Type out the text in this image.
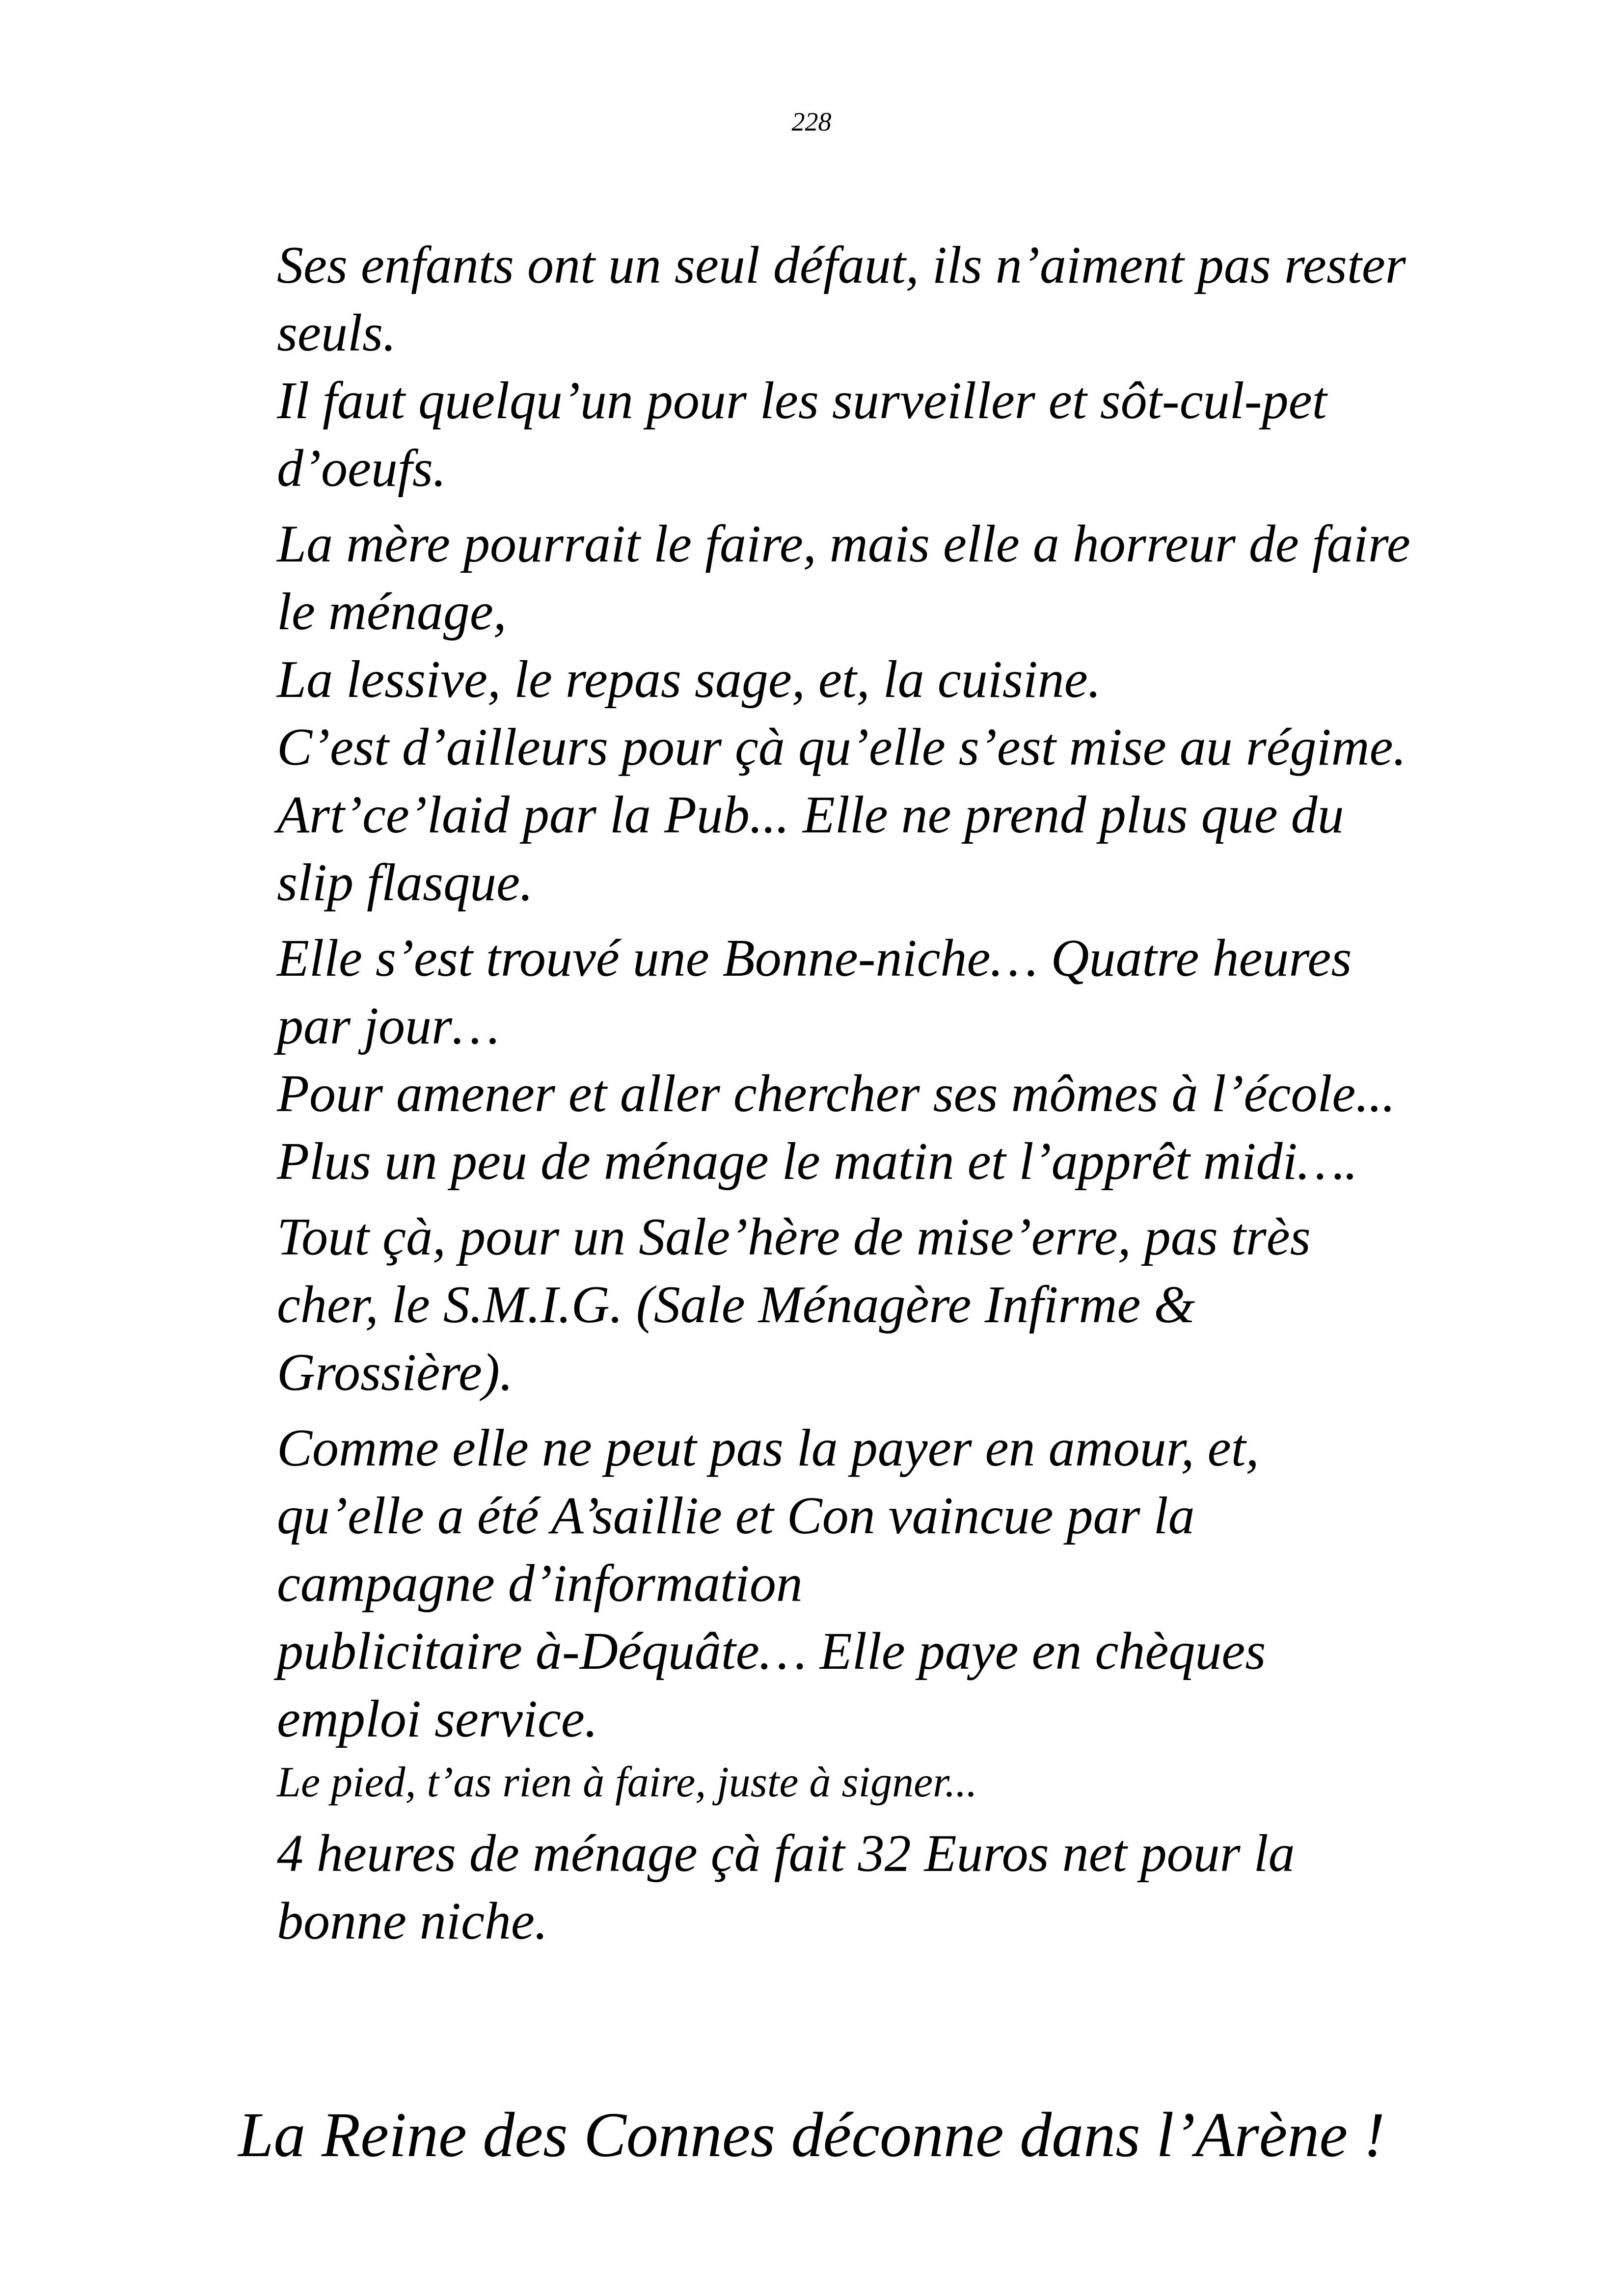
228
Ses enfants ont un seul défaut, ils n’aiment pas rester
seuls.
Il faut quelqu’un pour les surveiller et sôt-cul-pet
d’oeufs.
La mère pourrait le faire, mais elle a horreur de faire
le ménage,
La lessive, le repas sage, et, la cuisine.
C’est d’ailleurs pour çà qu’elle s’est mise au régime.
Art’ce’laid par la Pub... Elle ne prend plus que du
slip flasque.
Elle s’est trouvé une Bonne-niche… Quatre heures
par jour…
Pour amener et aller chercher ses mômes à l’école...
Plus un peu de ménage le matin et l’apprêt midi….
Tout çà, pour un Sale’hère de mise’erre, pas très
cher, le S.M.I.G. (Sale Ménagère Infirme &
Grossière).
Comme elle ne peut pas la payer en amour, et,
qu’elle a été A’saillie et Con vaincue par la
campagne d’information
publicitaire à-Déquâte… Elle paye en chèques
emploi service.
Le pied, t’as rien à faire, juste à signer...
4 heures de ménage çà fait 32 Euros net pour la
bonne niche.
La Reine des Connes déconne dans l’Arène !
